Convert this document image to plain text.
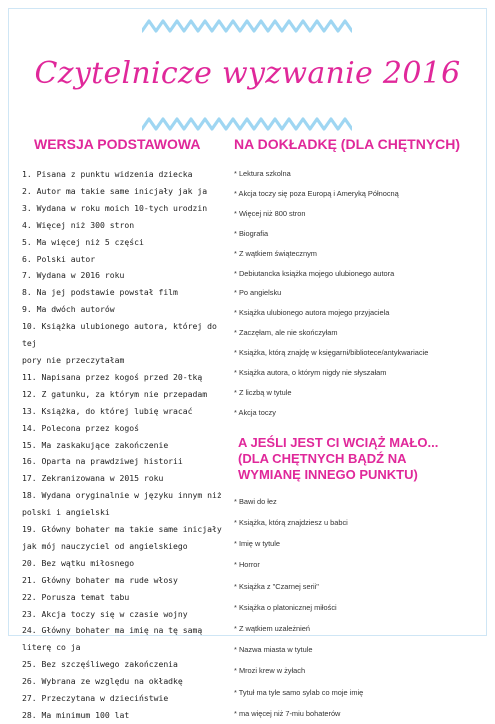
Czytelnicze wyzwanie 2016
WERSJA PODSTAWOWA
1. Pisana z punktu widzenia dziecka
2. Autor ma takie same inicjały jak ja
3. Wydana w roku moich 10-tych urodzin
4. Więcej niż 300 stron
5. Ma więcej niż 5 części
6. Polski autor
7. Wydana w 2016 roku
8. Na jej podstawie powstał film
9. Ma dwóch autorów
10. Książka ulubionego autora, której do tej
pory nie przeczytałam
11. Napisana przez kogoś przed 20-tką
12. Z gatunku, za którym nie przepadam
13. Książka, do której lubię wracać
14. Polecona przez kogoś
15. Ma zaskakujące zakończenie
16. Oparta na prawdziwej historii
17. Zekranizowana w 2015 roku
18. Wydana oryginalnie w języku innym niż
polski i angielski
19. Główny bohater ma takie same inicjały
jak mój nauczyciel od angielskiego
20. Bez wątku miłosnego
21. Główny bohater ma rude włosy
22. Porusza temat tabu
23. Akcja toczy się w czasie wojny
24. Główny bohater ma imię na tę samą
literę co ja
25. Bez szczęśliwego zakończenia
26. Wybrana ze względu na okładkę
27. Przeczytana w dzieciństwie
28. Ma minimum 100 lat
NA DOKŁADKĘ (DLA CHĘTNYCH)
* Lektura szkolna
* Akcja toczy się poza Europą i Ameryką Północną
* Więcej niż 800 stron
* Biografia
* Z wątkiem świątecznym
* Debiutancka książka mojego ulubionego autora
* Po angielsku
* Książka ulubionego autora mojego przyjaciela
* Zaczęłam, ale nie skończyłam
* Książka, którą znajdę w księgarni/bibliotece/antykwariacie
* Książka autora, o którym nigdy nie słyszałam
* Z liczbą w tytule
* Akcja toczy
A JEŚLI JEST CI WCIĄŻ MAŁO...
(DLA CHĘTNYCH BĄDŹ NA
WYMIANĘ INNEGO PUNKTU)
* Bawi do łez
* Książka, którą znajdziesz u babci
* Imię w tytule
* Horror
* Książka z "Czarnej serii"
* Książka o platonicznej miłości
* Z wątkiem uzależnień
* Nazwa miasta w tytule
* Mrozi krew w żyłach
* Tytuł ma tyle samo sylab co moje imię
* ma więcej niż 7-miu bohaterów
